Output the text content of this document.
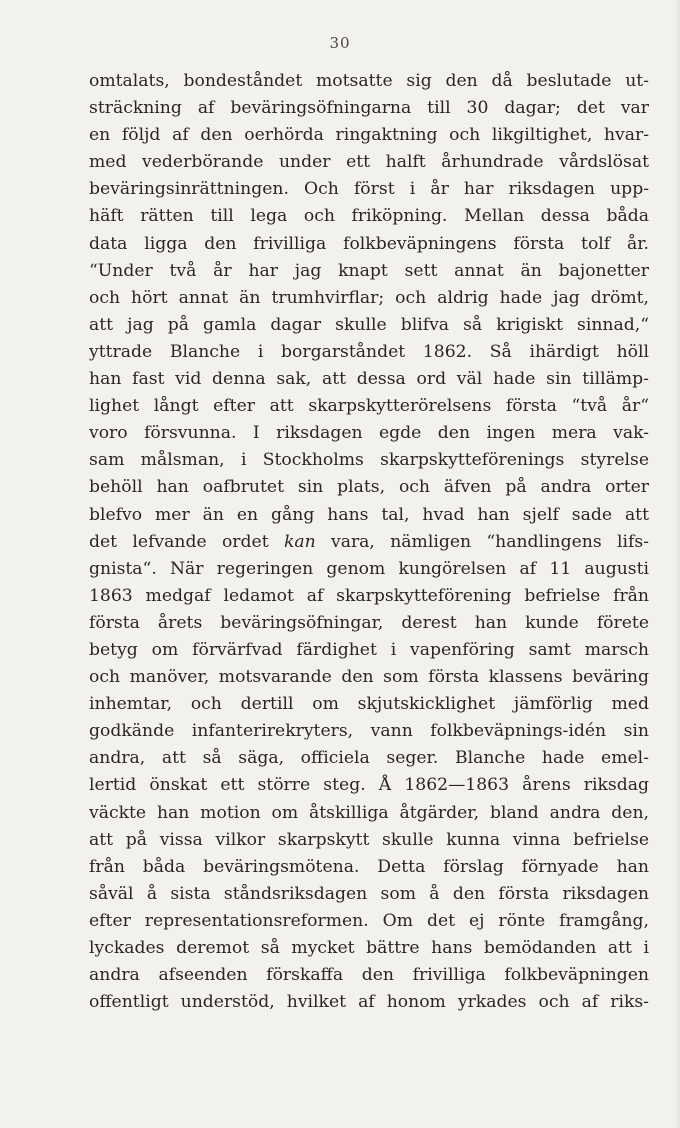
30
omtalats, bondeståndet motsatte sig den då beslutade ut-
sträckning af beväringsöfningarna till 30 dagar; det var
en följd af den oerhörda ringaktning och likgiltighet, hvar-
med vederbörande under ett halft århundrade vårdslösat
beväringsinrättningen. Och först i år har riksdagen upp-
häft rätten till lega och friköpning. Mellan dessa båda
data ligga den frivilliga folkbeväpningens första tolf år.
“Under två år har jag knapt sett annat än bajonetter
och hört annat än trumhvirflar; och aldrig hade jag drömt,
att jag på gamla dagar skulle blifva så krigiskt sinnad,“
yttrade Blanche i borgarståndet 1862. Så ihärdigt höll
han fast vid denna sak, att dessa ord väl hade sin tillämp-
lighet långt efter att skarpskytterörelsens första “två år“
voro försvunna. I riksdagen egde den ingen mera vak-
sam målsman, i Stockholms skarpskytteförenings styrelse
behöll han oafbrutet sin plats, och äfven på andra orter
blefvo mer än en gång hans tal, hvad han sjelf sade att
det lefvande ordet kan vara, nämligen “handlingens lifs-
gnista“. När regeringen genom kungörelsen af 11 augusti
1863 medgaf ledamot af skarpskytteförening befrielse från
första årets beväringsöfningar, derest han kunde förete
betyg om förvärfvad färdighet i vapenföring samt marsch
och manöver, motsvarande den som första klassens beväring
inhemtar, och dertill om skjutskicklighet jämförlig med
godkände infanterirekryters, vann folkbeväpnings-idén sin
andra, att så säga, officiela seger. Blanche hade emel-
lertid önskat ett större steg. Å 1862—1863 årens riksdag
väckte han motion om åtskilliga åtgärder, bland andra den,
att på vissa vilkor skarpskytt skulle kunna vinna befrielse
från båda beväringsmötena. Detta förslag förnyade han
såväl å sista ståndsriksdagen som å den första riksdagen
efter representationsreformen. Om det ej rönte framgång,
lyckades deremot så mycket bättre hans bemödanden att i
andra afseenden förskaffa den frivilliga folkbeväpningen
offentligt understöd, hvilket af honom yrkades och af riks-
